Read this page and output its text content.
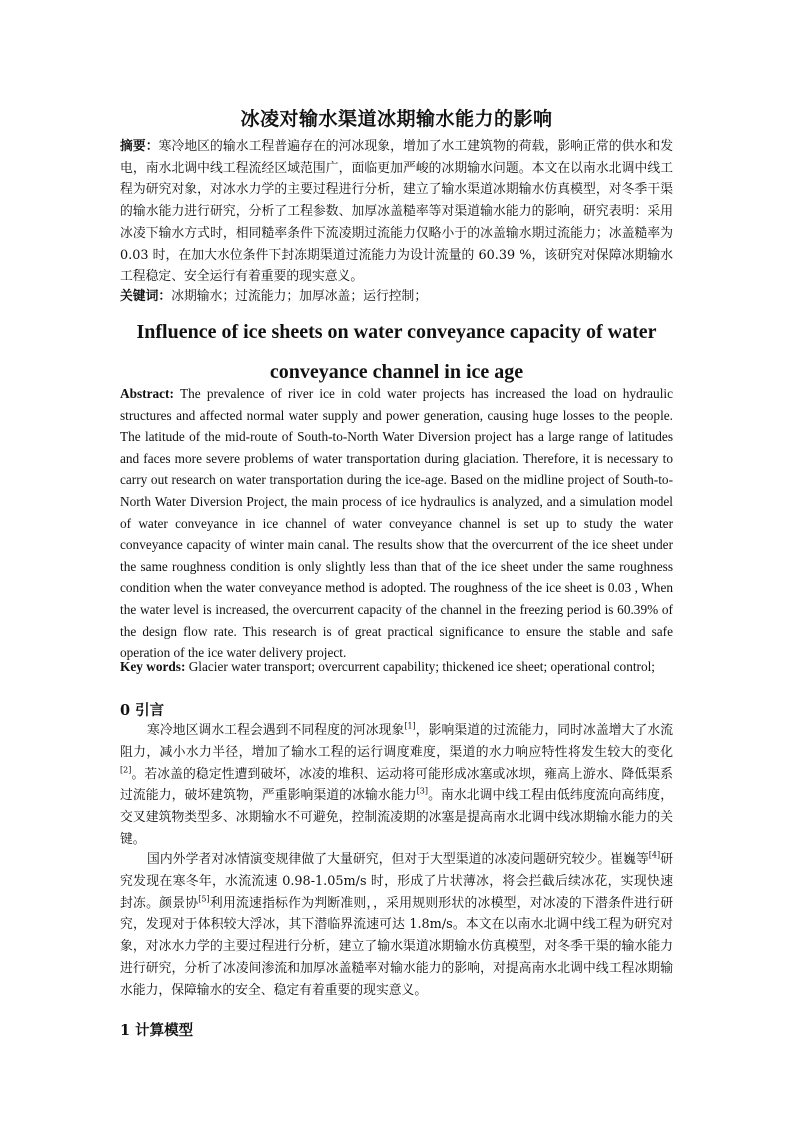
冰凌对输水渠道冰期输水能力的影响
摘要：寒冷地区的输水工程普遍存在的河冰现象，增加了水工建筑物的荷载，影响正常的供水和发电，南水北调中线工程流经区域范围广，面临更加严峻的冰期输水问题。本文在以南水北调中线工程为研究对象，对冰水力学的主要过程进行分析，建立了输水渠道冰期输水仿真模型，对冬季干渠的输水能力进行研究，分析了工程参数、加厚冰盖糙率等对渠道输水能力的影响，研究表明：采用冰凌下输水方式时，相同糙率条件下流凌期过流能力仅略小于的冰盖输水期过流能力；冰盖糙率为 0.03 时，在加大水位条件下封冻期渠道过流能力为设计流量的 60.39 %，该研究对保障冰期输水工程稳定、安全运行有着重要的现实意义。
关键词：冰期输水；过流能力；加厚冰盖；运行控制；
Influence of ice sheets on water conveyance capacity of water conveyance channel in ice age
Abstract: The prevalence of river ice in cold water projects has increased the load on hydraulic structures and affected normal water supply and power generation, causing huge losses to the people. The latitude of the mid-route of South-to-North Water Diversion project has a large range of latitudes and faces more severe problems of water transportation during glaciation. Therefore, it is necessary to carry out research on water transportation during the ice-age. Based on the midline project of South-to-North Water Diversion Project, the main process of ice hydraulics is analyzed, and a simulation model of water conveyance in ice channel of water conveyance channel is set up to study the water conveyance capacity of winter main canal. The results show that the overcurrent of the ice sheet under the same roughness condition is only slightly less than that of the ice sheet under the same roughness condition when the water conveyance method is adopted. The roughness of the ice sheet is 0.03 , When the water level is increased, the overcurrent capacity of the channel in the freezing period is 60.39% of the design flow rate. This research is of great practical significance to ensure the stable and safe operation of the ice water delivery project.
Key words: Glacier water transport; overcurrent capability; thickened ice sheet; operational control;
0 引言
寒冷地区调水工程会遇到不同程度的河冰现象[1]，影响渠道的过流能力，同时冰盖增大了水流阻力，减小水力半径，增加了输水工程的运行调度难度，渠道的水力响应特性将发生较大的变化[2]。若冰盖的稳定性遭到破坏，冰凌的堆积、运动将可能形成冰塞或冰坝，雍高上游水、降低渠系过流能力，破坏建筑物，严重影响渠道的冰输水能力[3]。南水北调中线工程由低纬度流向高纬度，交叉建筑物类型多、冰期输水不可避免，控制流凌期的冰塞是提高南水北调中线冰期输水能力的关键。
国内外学者对冰情演变规律做了大量研究，但对于大型渠道的冰凌问题研究较少。崔巍等[4]研究发现在寒冬年，水流流速 0.98-1.05m/s 时，形成了片状薄冰，将会拦截后续冰花，实现快速封冻。颜景协[5]利用流速指标作为判断准则，，采用规则形状的冰模型，对冰凌的下潜条件进行研究，发现对于体积较大浮冰，其下潜临界流速可达 1.8m/s。本文在以南水北调中线工程为研究对象，对冰水力学的主要过程进行分析，建立了输水渠道冰期输水仿真模型，对冬季干渠的输水能力进行研究，分析了冰凌间渗流和加厚冰盖糙率对输水能力的影响，对提高南水北调中线工程冰期输水能力，保障输水的安全、稳定有着重要的现实意义。
1 计算模型
